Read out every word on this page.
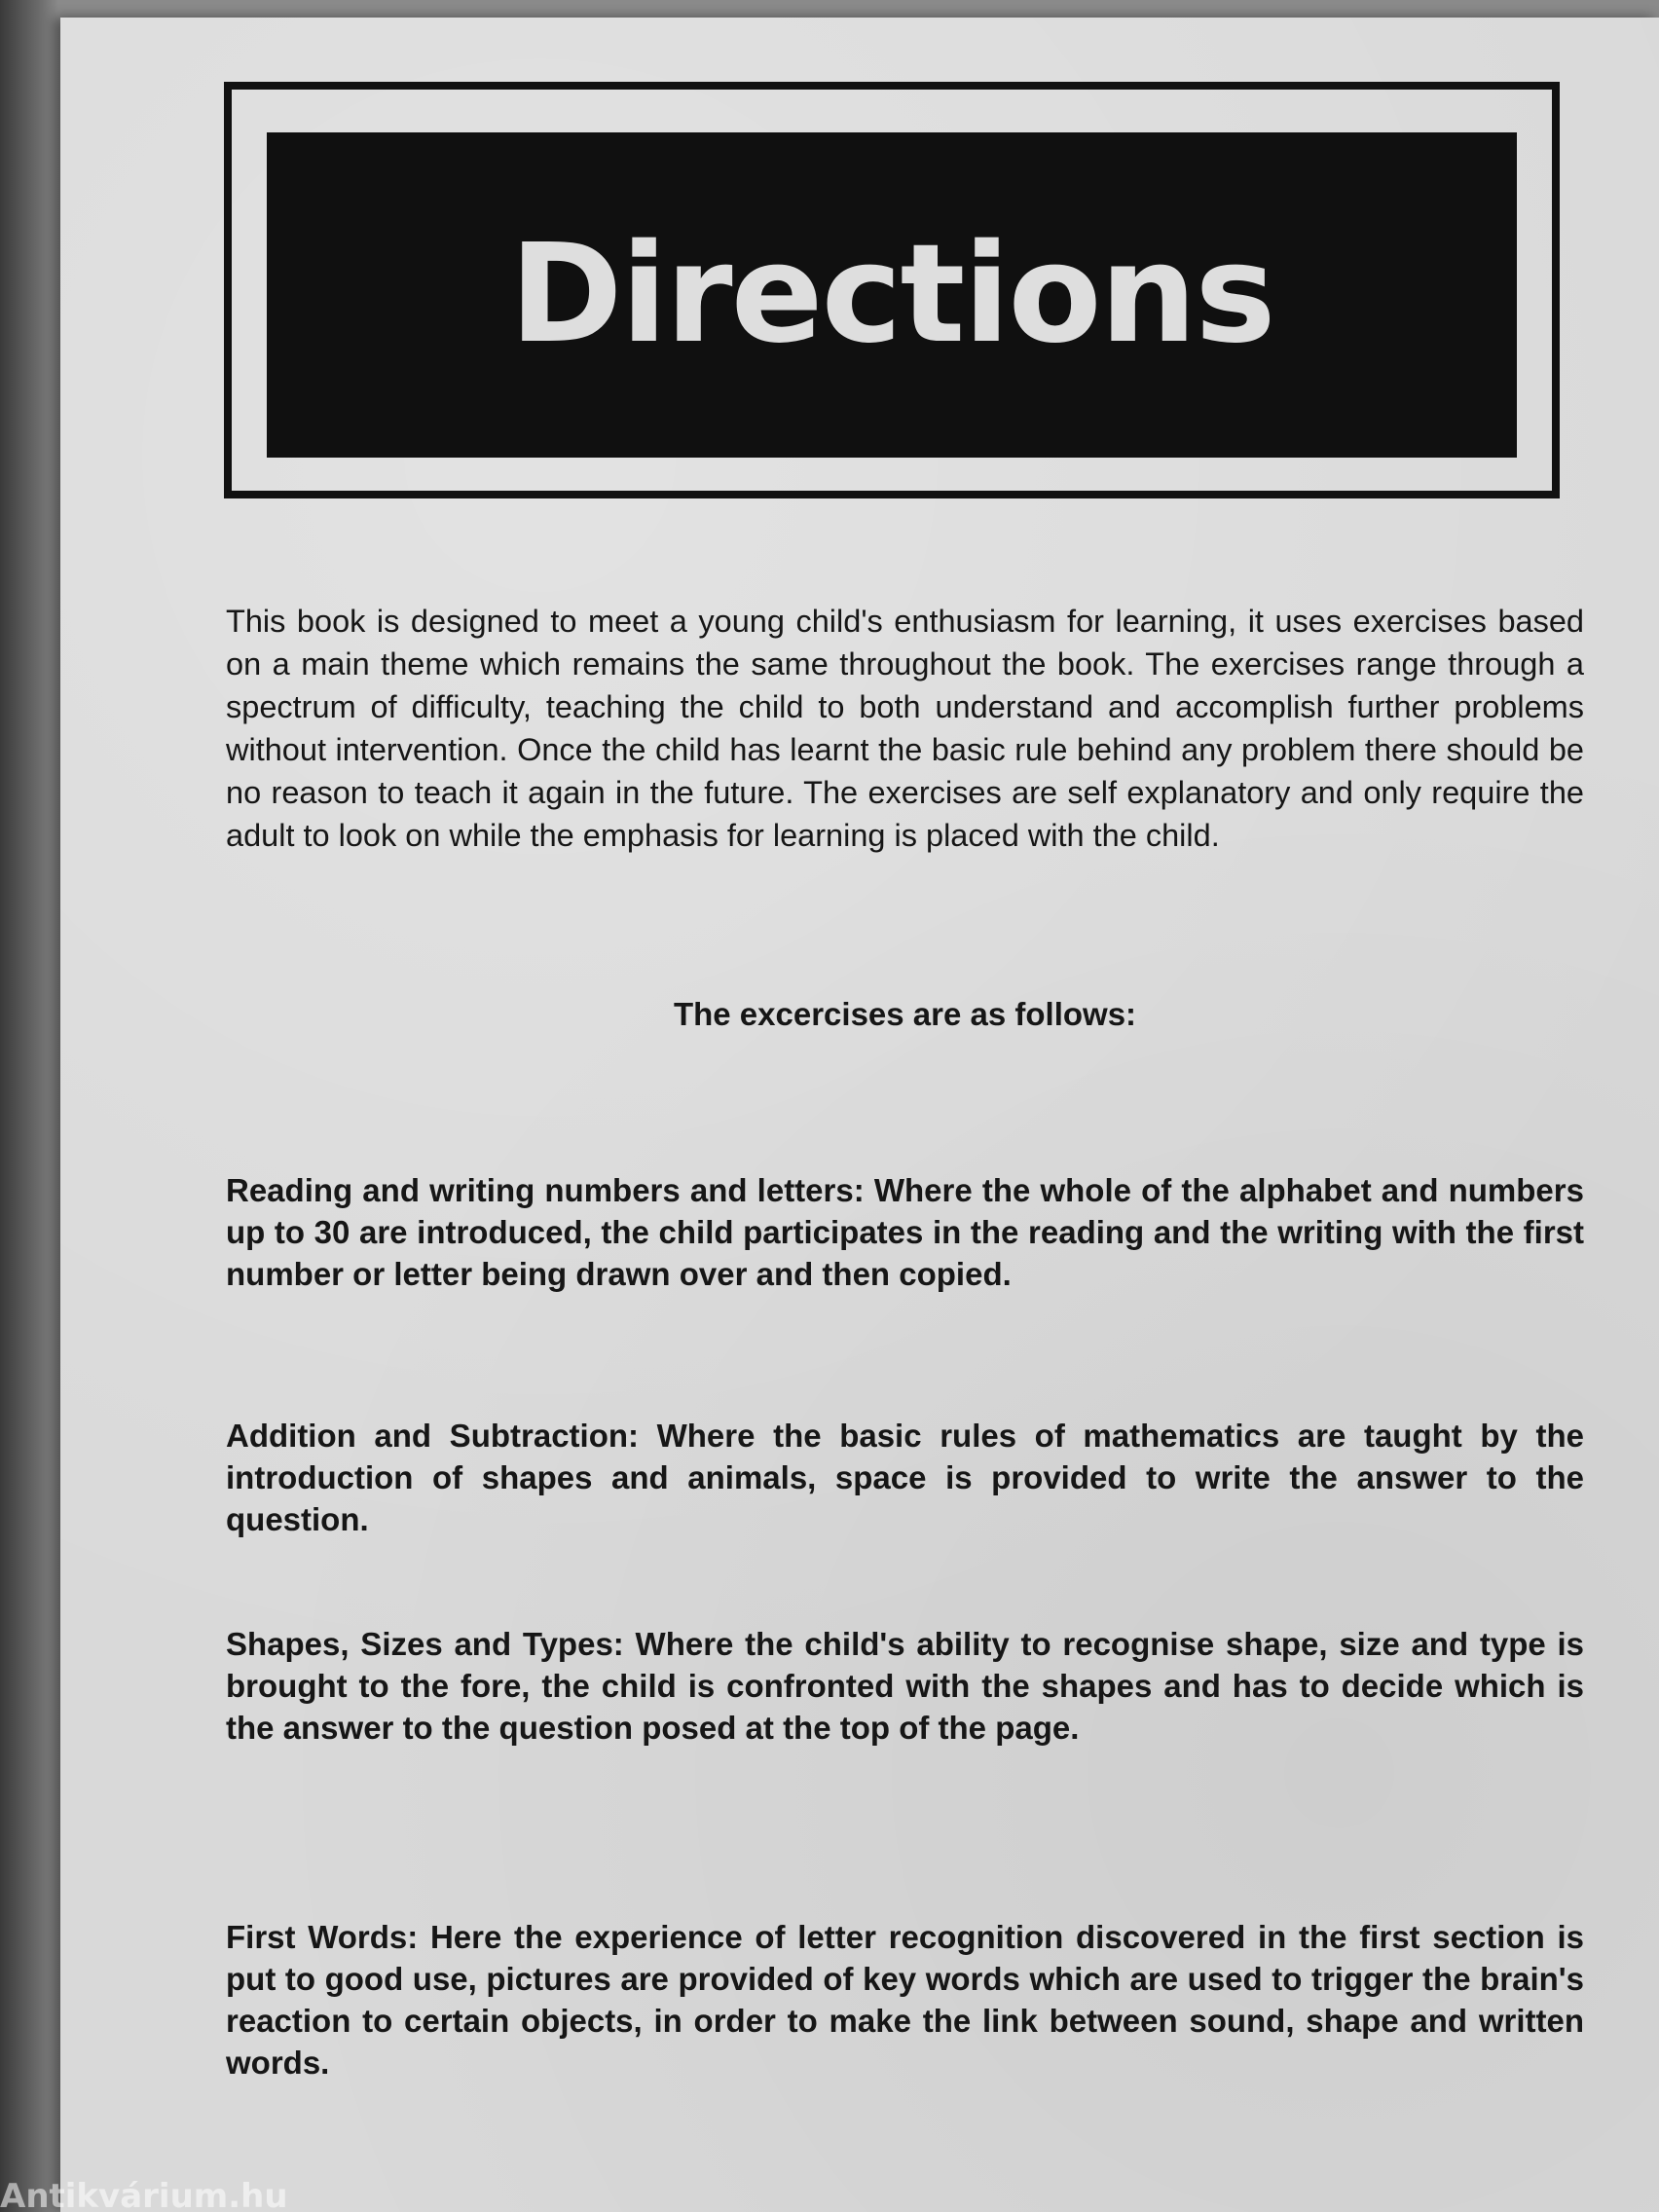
Directions

This book is designed to meet a young child's enthusiasm for learning, it uses exercises based on a main theme which remains the same throughout the book. The exercises range through a spectrum of difficulty, teaching the child to both understand and accomplish further problems without intervention. Once the child has learnt the basic rule behind any problem there should be no reason to teach it again in the future. The exercises are self explanatory and only require the adult to look on while the emphasis for learning is placed with the child.

The excercises are as follows:

Reading and writing numbers and letters: Where the whole of the alphabet and numbers up to 30 are introduced, the child participates in the reading and the writing with the first number or letter being drawn over and then copied.

Addition and Subtraction: Where the basic rules of mathematics are taught by the introduction of shapes and animals, space is provided to write the answer to the question.

Shapes, Sizes and Types: Where the child's ability to recognise shape, size and type is brought to the fore, the child is confronted with the shapes and has to decide which is the answer to the question posed at the top of the page.

First Words: Here the experience of letter recognition discovered in the first section is put to good use, pictures are provided of key words which are used to trigger the brain's reaction to certain objects, in order to make the link between sound, shape and written words.

Antikvárium.hu
